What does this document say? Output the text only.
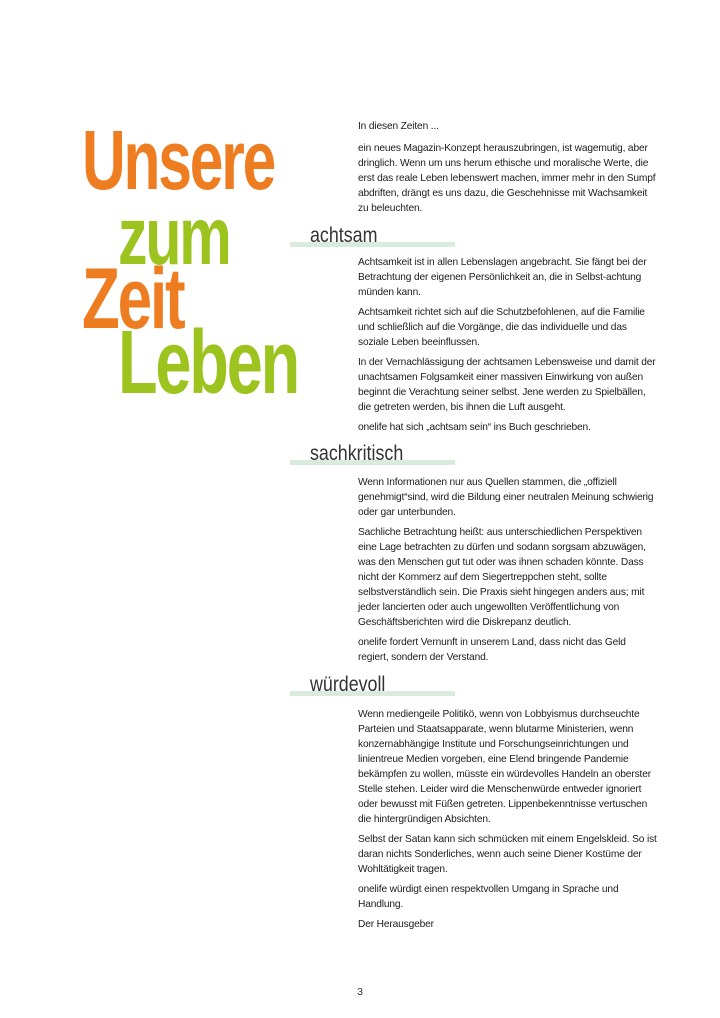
Unsere
zum
Zeit
Leben

In diesen Zeiten ...

ein neues Magazin-Konzept herauszubringen, ist wagemutig, aber dringlich. Wenn um uns herum ethische und moralische Werte, die erst das reale Leben lebenswert machen, immer mehr in den Sumpf abdriften, drängt es uns dazu, die Geschehnisse mit Wachsamkeit zu beleuchten.

achtsam

Achtsamkeit ist in allen Lebenslagen angebracht. Sie fängt bei der Betrachtung der eigenen Persönlichkeit an, die in Selbst-achtung münden kann.

Achtsamkeit richtet sich auf die Schutzbefohlenen, auf die Familie und schließlich auf die Vorgänge, die das individuelle und das soziale Leben beeinflussen.

In der Vernachlässigung der achtsamen Lebensweise und damit der unachtsamen Folgsamkeit einer massiven Einwirkung von außen beginnt die Verachtung seiner selbst. Jene werden zu Spielbällen, die getreten werden, bis ihnen die Luft ausgeht.

onelife hat sich „achtsam sein“ ins Buch geschrieben.

sachkritisch

Wenn Informationen nur aus Quellen stammen, die „offiziell genehmigt“sind, wird die Bildung einer neutralen Meinung schwierig oder gar unterbunden.

Sachliche Betrachtung heißt: aus unterschiedlichen Perspektiven eine Lage betrachten zu dürfen und sodann sorgsam abzuwägen, was den Menschen gut tut oder was ihnen schaden könnte. Dass nicht der Kommerz auf dem Siegertreppchen steht, sollte selbstverständlich sein. Die Praxis sieht hingegen anders aus; mit jeder lancierten oder auch ungewollten Veröffentlichung von Geschäftsberichten wird die Diskrepanz deutlich.

onelife fordert Vernunft in unserem Land, dass nicht das Geld regiert, sondern der Verstand.

würdevoll

Wenn mediengeile Politikö, wenn von Lobbyismus durchseuchte Parteien und Staatsapparate, wenn blutarme Ministerien, wenn konzernabhängige Institute und Forschungseinrichtungen und linientreue Medien vorgeben, eine Elend bringende Pandemie bekämpfen zu wollen, müsste ein würdevolles Handeln an oberster Stelle stehen. Leider wird die Menschenwürde entweder ignoriert oder bewusst mit Füßen getreten. Lippenbekenntnisse vertuschen die hintergründigen Absichten.

Selbst der Satan kann sich schmücken mit einem Engelskleid. So ist daran nichts Sonderliches, wenn auch seine Diener Kostüme der Wohltätigkeit tragen.

onelife würdigt einen respektvollen Umgang in Sprache und Handlung.

Der Herausgeber

3
